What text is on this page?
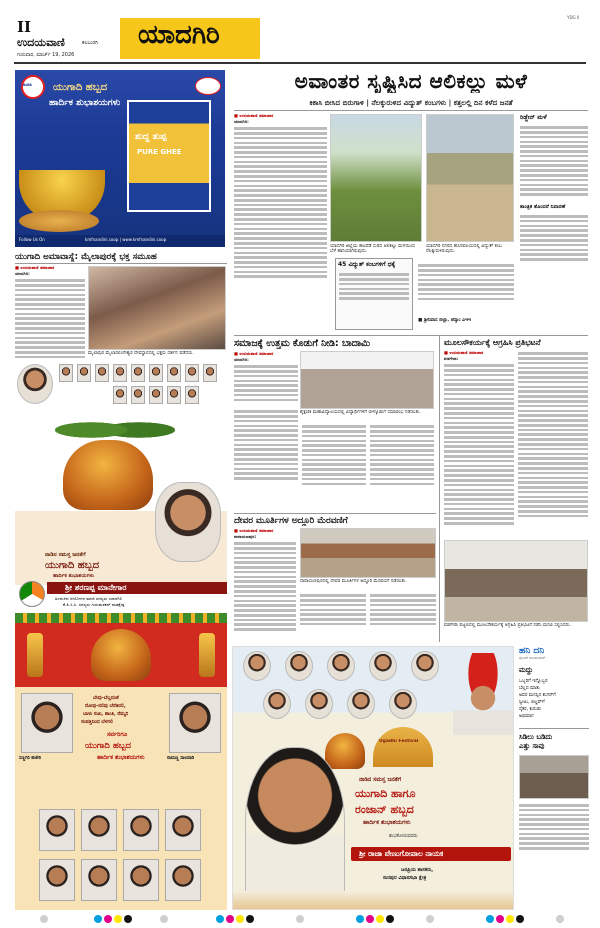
II
ಉದಯವಾಣಿ	ಕಲಬುರಗಿ
ಗುರುವಾರ, ಮಾರ್ಚ್ 19, 2026
ಯಾದಗಿರಿ
YDG II
ನಂದಿನಿ ಯುಗಾದಿ ಹಬ್ಬದ
ಹಾರ್ದಿಕ ಶುಭಾಶಯಗಳು
ಶುದ್ಧ ತುಪ್ಪ
PURE GHEE
Follow Us On	kmfnandini.coop | www.kmfnandini.coop
ಯುಗಾದಿ ಅಮಾವಾಸ್ಯೆ: ಮೈಲಾಪುರಕ್ಕೆ ಭಕ್ತ ಸಮೂಹ
■ ಉದಯವಾಣಿ ಸಮಾಚಾರ
ಯಾದಗಿರಿ:
ಮೈಲಾಪುರ ಮೈಲಾರಲಿಂಗೇಶ್ವರ ದೇವಸ್ಥಾನದಲ್ಲಿ ಭಕ್ತರು ದರ್ಶನ ಪಡೆದರು.
ನಾಡಿನ ಸಮಸ್ತ ಜನತೆಗೆ
ಯುಗಾದಿ ಹಬ್ಬದ
ಹಾರ್ದಿಕ ಶುಭಾಶಯಗಳು
ಶ್ರೀ ಶರಣಪ್ಪ ಮಾನೇಗಾರ
ಹಿಂದುಳಿದ ಆಯೋಗದ ಮಾಜಿ ಸದಸ್ಯರು ಯಾದಗಿರಿ
ಕೆ.ಪಿ.ಸಿ.ಸಿ. ಸದಸ್ಯರು ಗುರುಮಠಕಲ್ ಮತಕ್ಷೇತ್ರ
ಬೇವು-ಬೆಲ್ಲದಂತೆ
ನೋವು-ನಲಿವು ಬೆರೆತಿರಲಿ,
ಬಾಳು ಸುಖ, ಶಾಂತಿ, ನೆಮ್ಮದಿ
ಸಂಪತ್ತಿನಿಂದ ಬೆಳಗಲಿ
ಸರ್ವರಿಗೂ
ಯುಗಾದಿ ಹಬ್ಬದ
ಹಾರ್ದಿಕ ಶುಭಾಶಯಗಳು
ಸಣ್ಣಗಿರಿ ಹಜೇರಿ	ರಾಮಣ್ಣ ಸಾಲವಾಡಿ
ಅವಾಂತರ ಸೃಷ್ಟಿಸಿದ ಆಲಿಕಲ್ಲು ಮಳೆ
ಕಿಕಾಸಿ ಬೀಸಿದ ಬಿರುಗಾಳಿ | ನೆಲಕ್ಕುರುಳಿದ ವಿದ್ಯುತ್ ಕಂಬಗಳು | ಕತ್ತಲಲ್ಲಿ ದಿನ ಕಳೆದ ಜನತೆ
■ ಉದಯವಾಣಿ ಸಮಾಚಾರ
ಯಾದಗಿರಿ:
ಯಾದಗಿರಿ ಜಿಲ್ಲೆಯ ಹಲವೆಡೆ ಸುರಿದ ಆಲಿಕಲ್ಲು ಮಳೆಯಿಂದ ಬೆಳೆ ಹಾನಿಯಾಗಿರುವುದು.
ಯಾದಗಿರಿ ನಗರದ ಹೊರವಲಯದಲ್ಲಿ ವಿದ್ಯುತ್ ಕಂಬ ನೆಲಕ್ಕುರುಳಿರುವುದು.
45 ವಿದ್ಯುತ್ ಕಂಬಗಳಿಗೆ ಧಕ್ಕೆ
■ ಶ್ರೀನಿವಾಸ ಬಿಲ್ಲಾ, ಜೆಸ್ಕಾಂ ಎಇಇ
ರಿಡ್ಜೇನ್ ಮಳೆ
ತಾಂತ್ರಿಕ ತೊಂದರೆ ನಿವಾರಣೆ
ಸಮಾಜಕ್ಕೆ ಉತ್ತಮ ಕೊಡುಗೆ ನೀಡಿ: ಬಾದಾಮಿ
■ ಉದಯವಾಣಿ ಸಮಾಚಾರ
ಯಾದಗಿರಿ:
ಶೈಕ್ಷಣಿಕ ಮಹಾವಿದ್ಯಾಲಯದಲ್ಲಿ ವಿದ್ಯಾರ್ಥಿಗಳಿಗೆ ಬೀಳ್ಕೊಡುಗೆ ಸಮಾರಂಭ ನಡೆಯಿತು.
ಮೂಲಸೌಕರ್ಯಕ್ಕೆ ಆಗ್ರಹಿಸಿ ಪ್ರತಿಭಟನೆ
■ ಉದಯವಾಣಿ ಸಮಾಚಾರ
ವಡಗೇರಾ:
ವಡಗೇರಾ ಪಟ್ಟಣದಲ್ಲಿ ಮೂಲಸೌಕರ್ಯಕ್ಕೆ ಆಗ್ರಹಿಸಿ ಪ್ರತಿಭಟನೆ ನಡೆಸಿ ಮನವಿ ಸಲ್ಲಿಸಿದರು.
ದೇವರ ಮೂರ್ತಿಗಳ ಅದ್ಧೂರಿ ಮೆರವಣಿಗೆ
■ ಉದಯವಾಣಿ ಸಮಾಚಾರ
ನಾರಾಯಣಪುರ:
ನಾರಾಯಣಪುರದಲ್ಲಿ ದೇವರ ಮೂರ್ತಿಗಳ ಅದ್ಧೂರಿ ಮೆರವಣಿಗೆ ನಡೆಯಿತು.
Ugadhi Festival
ನಾಡಿನ ಸಮಸ್ತ ಜನತೆಗೆ
ಯುಗಾದಿ ಹಾಗೂ
ರಂಜಾನ್ ಹಬ್ಬದ
ಹಾರ್ದಿಕ ಶುಭಾಶಯಗಳು
ಶುಭಕೋರುವವರು
ಶ್ರೀ ರಾಜಾ ವೇಣುಗೋಪಾಲ ನಾಯಕ
ಜನಪ್ರಿಯ ಶಾಸಕರು,
ಸುರಪುರ ವಿಧಾನಸಭಾ ಕ್ಷೇತ್ರ
ಹನಿ ದನಿ
ಪುನೀತ್ ರಾಜಕುಮಾರ್
ಮದ್ದು
ಒಬ್ಬರಿಗೆ ಇನ್ನೊಬ್ಬರ
ಬೆಲ್ಲದ ಮಾತು
ಅವರ ಮನಸ್ಸಿನ ಶುಗರ್‌ಗೆ
ಸ್ವೀಟು, ಬಿಲ್ಡಪ್‌ಗೆ
ಸೈಕರ, ಕುರುಡು
ಅಭಿಮಾನ
ಸಿಡಿಲು ಬಡಿದು
ಎತ್ತು ಸಾವು
